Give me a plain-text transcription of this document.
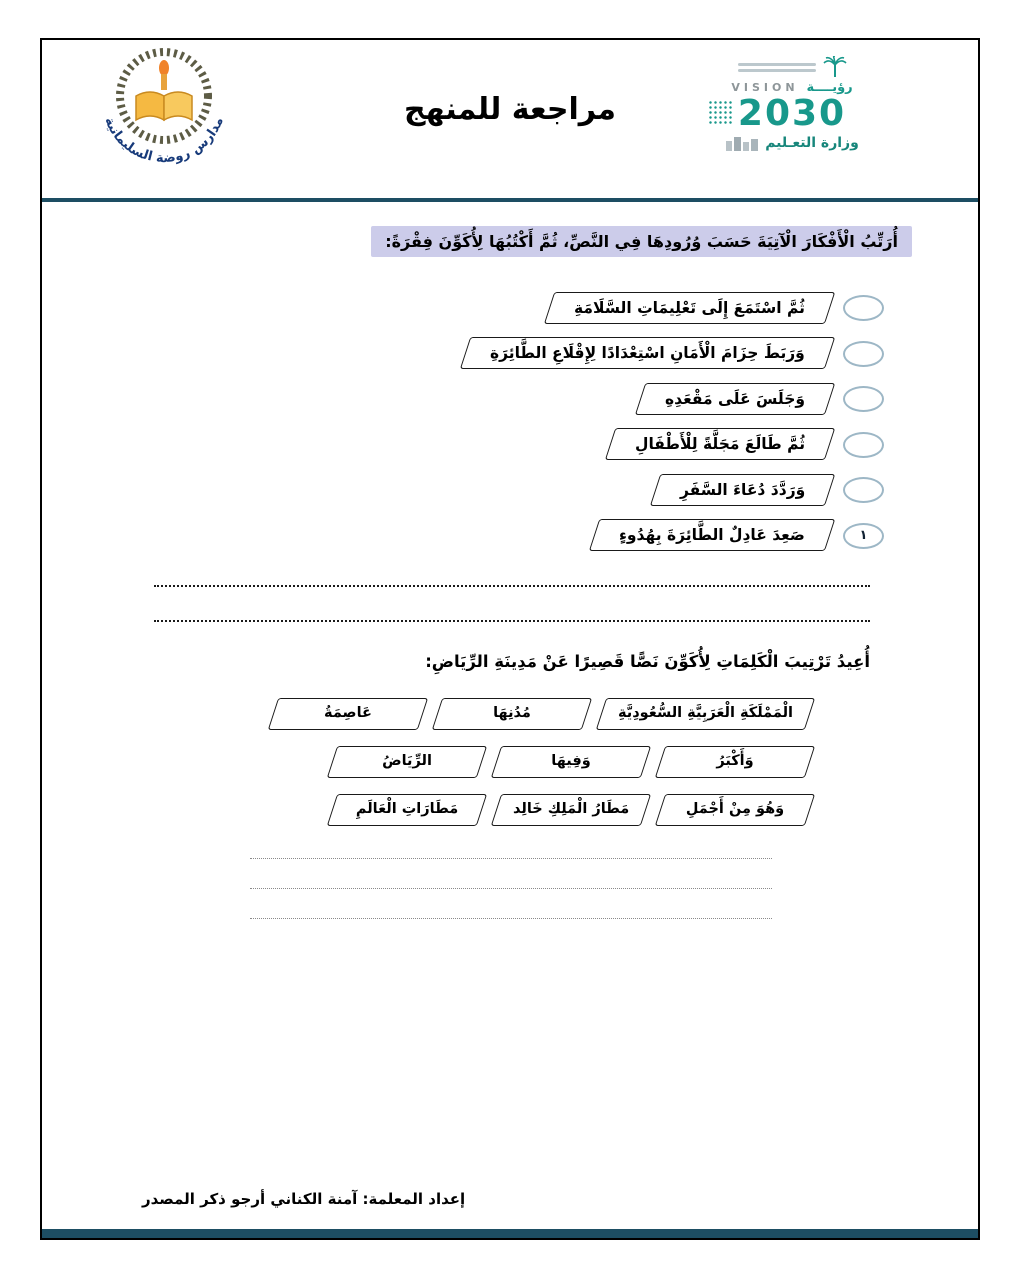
مدارس روضة السليمانية	مراجعة للمنهج
رؤيــــة
VISION
2030
وزارة التعـليم
أُرَتِّبُ الْأَفْكَارَ الْآتِيَةَ حَسَبَ وُرُودِهَا فِي النَّصِّ، ثُمَّ أَكْتُبُهَا لِأُكَوِّنَ فِقْرَةً:
ثُمَّ اسْتَمَعَ إِلَى تَعْلِيمَاتِ السَّلَامَةِ
وَرَبَطَ حِزَامَ الْأَمَانِ اسْتِعْدَادًا لِإِقْلَاعِ الطَّائِرَةِ
وَجَلَسَ عَلَى مَقْعَدِهِ
ثُمَّ طَالَعَ مَجَلَّةً لِلْأَطْفَالِ
وَرَدَّدَ دُعَاءَ السَّفَرِ
١
صَعِدَ عَادِلٌ الطَّائِرَةَ بِهُدُوءٍ
أُعِيدُ تَرْتِيبَ الْكَلِمَاتِ لِأُكَوِّنَ نَصًّا قَصِيرًا عَنْ مَدِينَةِ الرِّيَاضِ:
الْمَمْلَكَةِ الْعَرَبِيَّةِ السُّعُودِيَّةِ
مُدُنِهَا
عَاصِمَةُ
وَأَكْبَرُ
وَفِيهَا
الرِّيَاضُ
وَهُوَ مِنْ أَجْمَلِ
مَطَارُ الْمَلِكِ خَالِد
مَطَارَاتِ الْعَالَمِ
إعداد المعلمة: آمنة الكناني أرجو ذكر المصدر
